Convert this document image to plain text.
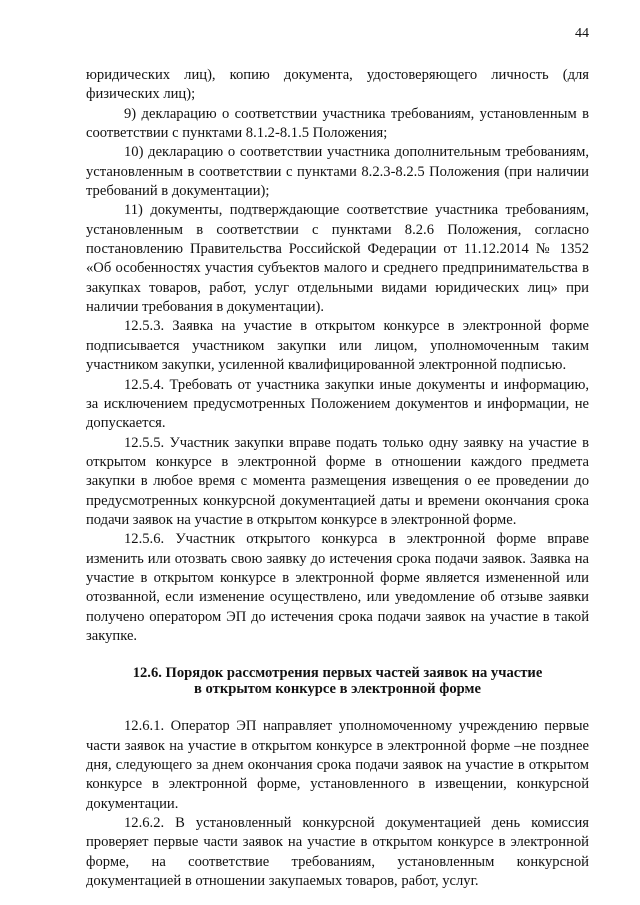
44

юридических лиц), копию документа, удостоверяющего личность (для физических лиц);

9) декларацию о соответствии участника требованиям, установленным в соответствии с пунктами 8.1.2-8.1.5 Положения;

10) декларацию о соответствии участника дополнительным требованиям, установленным в соответствии с пунктами 8.2.3-8.2.5 Положения (при наличии требований в документации);

11) документы, подтверждающие соответствие участника требованиям, установленным в соответствии с пунктами 8.2.6 Положения, согласно постановлению Правительства Российской Федерации от 11.12.2014 № 1352 «Об особенностях участия субъектов малого и среднего предпринимательства в закупках товаров, работ, услуг отдельными видами юридических лиц» при наличии требования в документации).

12.5.3. Заявка на участие в открытом конкурсе в электронной форме подписывается участником закупки или лицом, уполномоченным таким участником закупки, усиленной квалифицированной электронной подписью.

12.5.4. Требовать от участника закупки иные документы и информацию, за исключением предусмотренных Положением документов и информации, не допускается.

12.5.5. Участник закупки вправе подать только одну заявку на участие в открытом конкурсе в электронной форме в отношении каждого предмета закупки в любое время с момента размещения извещения о ее проведении до предусмотренных конкурсной документацией даты и времени окончания срока подачи заявок на участие в открытом конкурсе в электронной форме.

12.5.6. Участник открытого конкурса в электронной форме вправе изменить или отозвать свою заявку до истечения срока подачи заявок. Заявка на участие в открытом конкурсе в электронной форме является измененной или отозванной, если изменение осуществлено, или уведомление об отзыве заявки получено оператором ЭП до истечения срока подачи заявок на участие в такой закупке.

12.6. Порядок рассмотрения первых частей заявок на участие
в открытом конкурсе в электронной форме

12.6.1. Оператор ЭП направляет уполномоченному учреждению первые части заявок на участие в открытом конкурсе в электронной форме –не позднее дня, следующего за днем окончания срока подачи заявок на участие в открытом конкурсе в электронной форме, установленного в извещении, конкурсной документации.

12.6.2. В установленный конкурсной документацией день комиссия проверяет первые части заявок на участие в открытом конкурсе в электронной форме, на соответствие требованиям, установленным конкурсной документацией в отношении закупаемых товаров, работ, услуг.
